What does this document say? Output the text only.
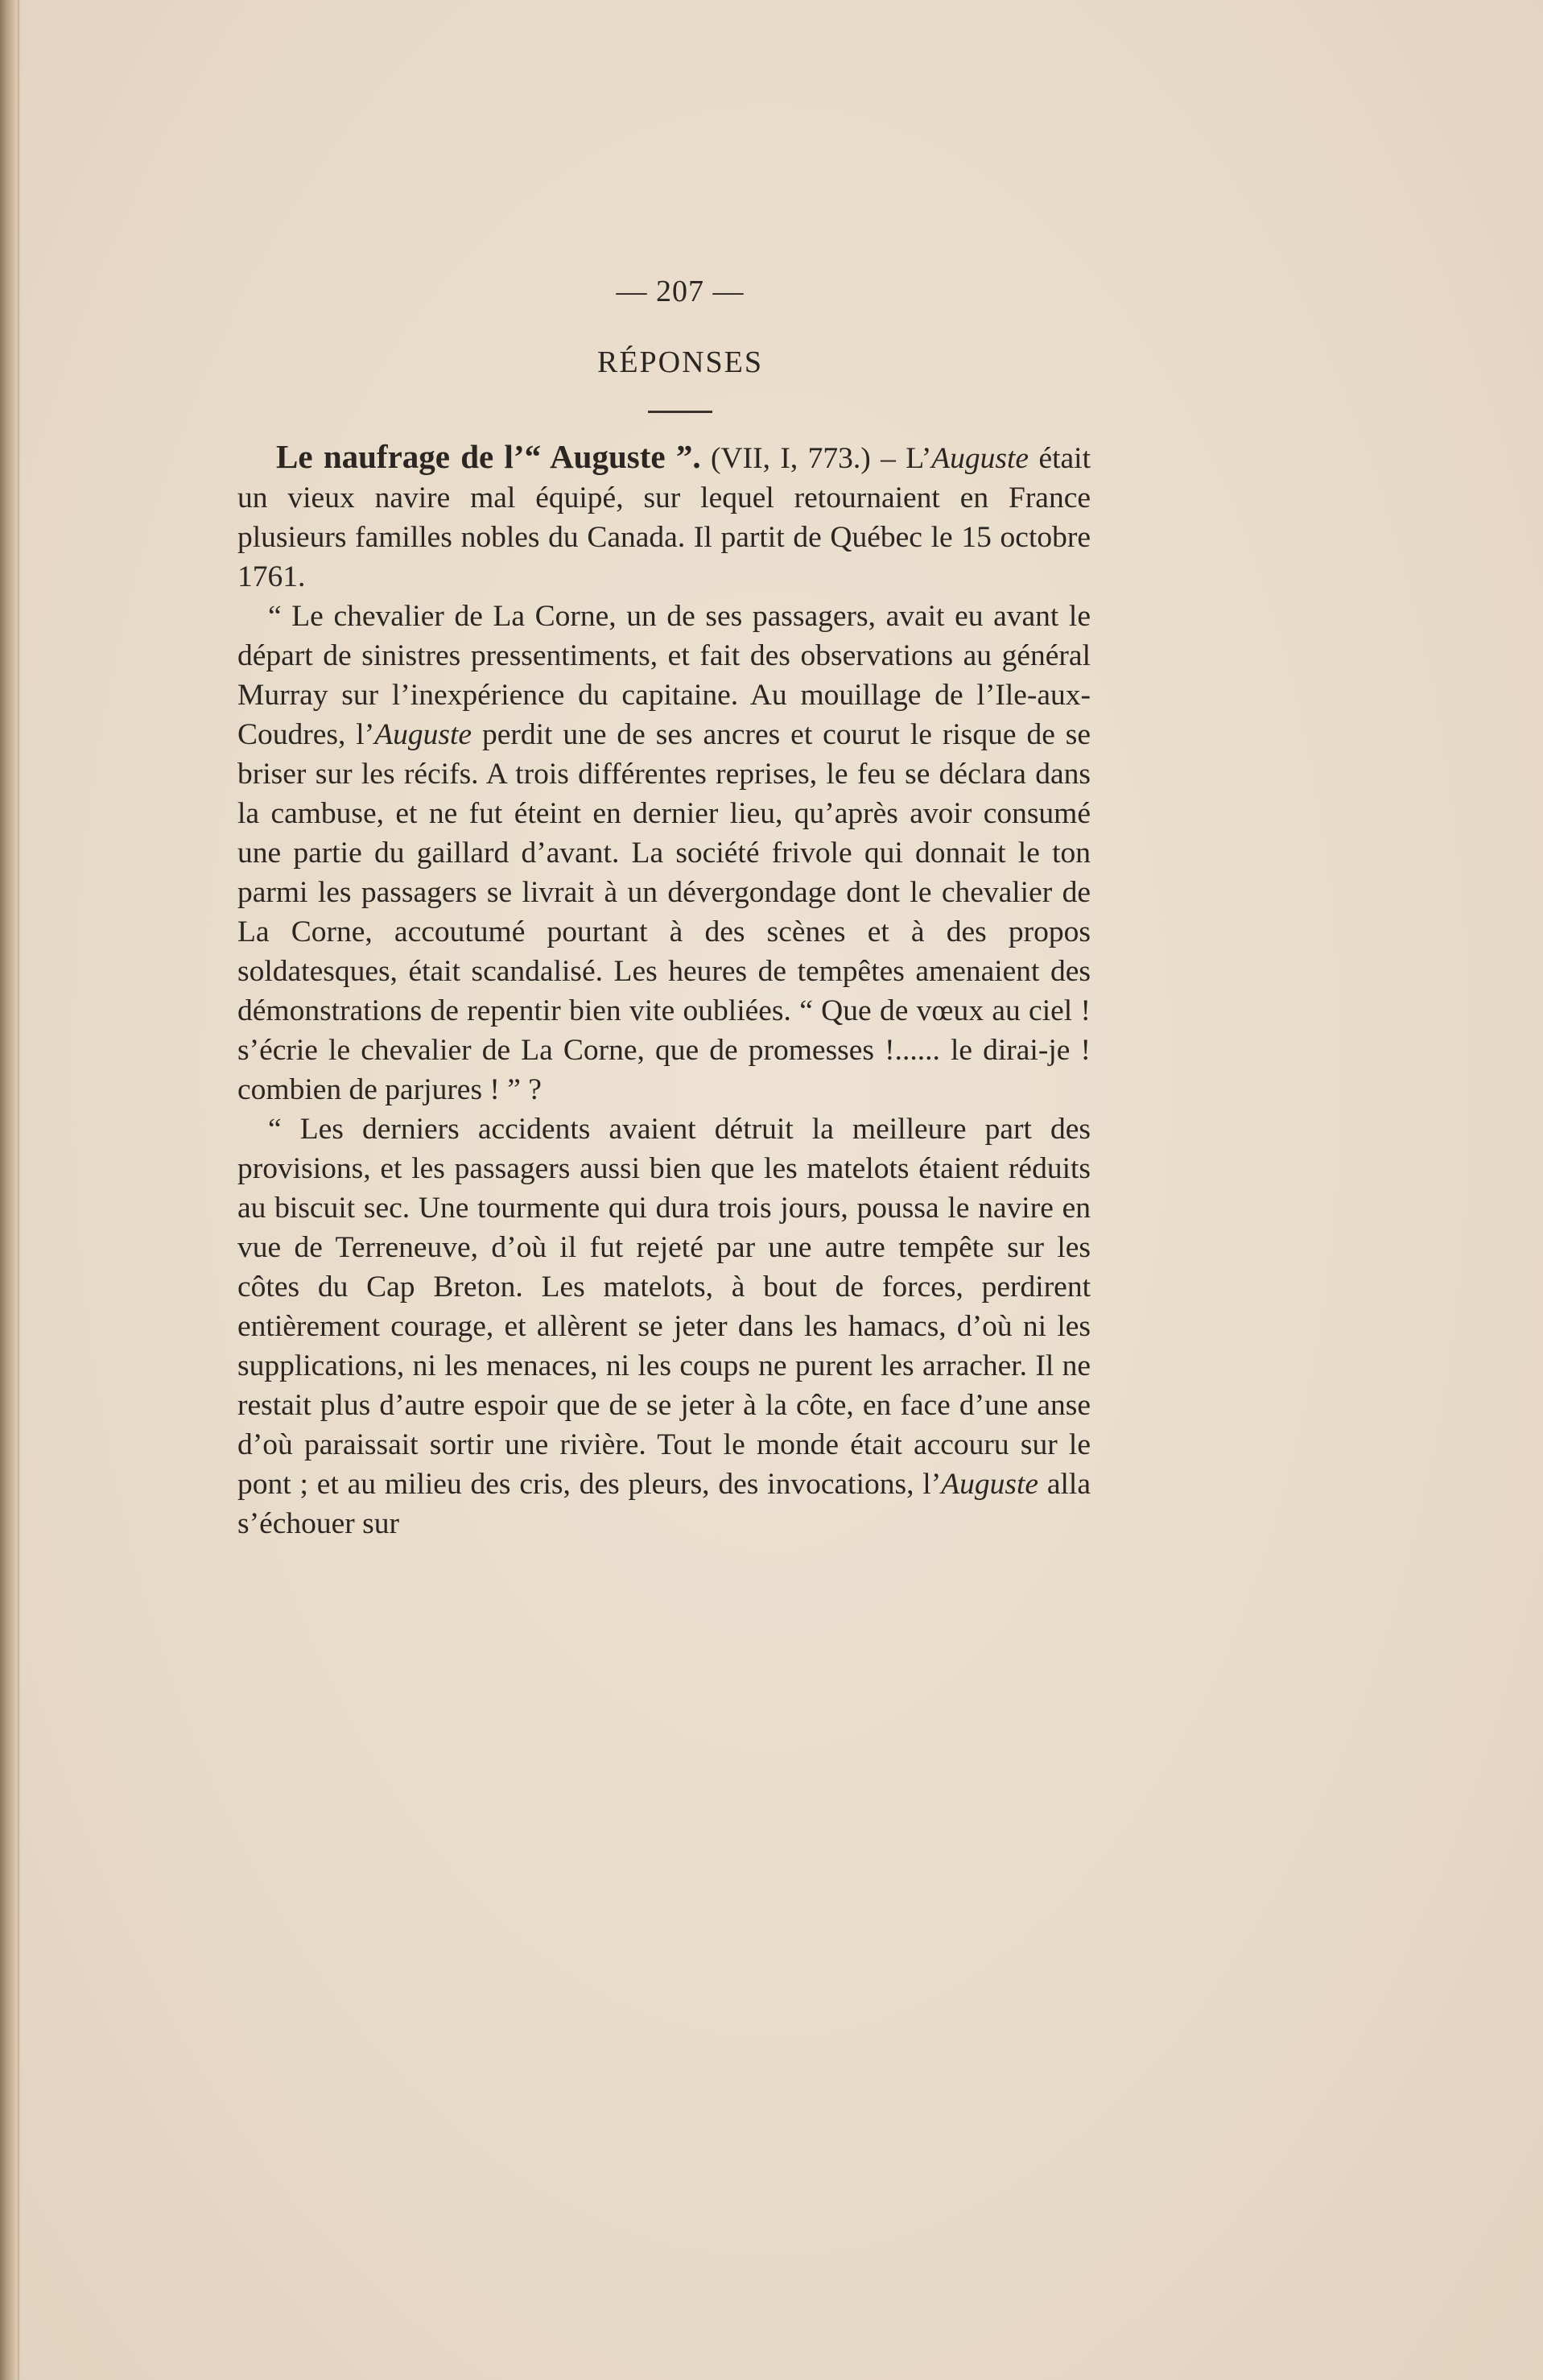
— 207 —
RÉPONSES

Le naufrage de l’“ Auguste ”. (VII, I, 773.) – L’Auguste était un vieux navire mal équipé, sur lequel retournaient en France plusieurs familles nobles du Canada. Il partit de Québec le 15 octobre 1761.

“ Le chevalier de La Corne, un de ses passagers, avait eu avant le départ de sinistres pressentiments, et fait des observations au général Murray sur l’inexpérience du capitaine. Au mouillage de l’Ile-aux-Coudres, l’Auguste perdit une de ses ancres et courut le risque de se briser sur les récifs. A trois différentes reprises, le feu se déclara dans la cambuse, et ne fut éteint en dernier lieu, qu’après avoir consumé une partie du gaillard d’avant. La société frivole qui donnait le ton parmi les passagers se livrait à un dévergondage dont le chevalier de La Corne, accoutumé pourtant à des scènes et à des propos soldatesques, était scandalisé. Les heures de tempêtes amenaient des démonstrations de repentir bien vite oubliées. “ Que de vœux au ciel ! s’écrie le chevalier de La Corne, que de promesses !...... le dirai-je ! combien de parjures ! ” ?

“ Les derniers accidents avaient détruit la meilleure part des provisions, et les passagers aussi bien que les matelots étaient réduits au biscuit sec. Une tourmente qui dura trois jours, poussa le navire en vue de Terreneuve, d’où il fut rejeté par une autre tempête sur les côtes du Cap Breton. Les matelots, à bout de forces, perdirent entièrement courage, et allèrent se jeter dans les hamacs, d’où ni les supplications, ni les menaces, ni les coups ne purent les arracher. Il ne restait plus d’autre espoir que de se jeter à la côte, en face d’une anse d’où paraissait sortir une rivière. Tout le monde était accouru sur le pont ; et au milieu des cris, des pleurs, des invocations, l’Auguste alla s’échouer sur
